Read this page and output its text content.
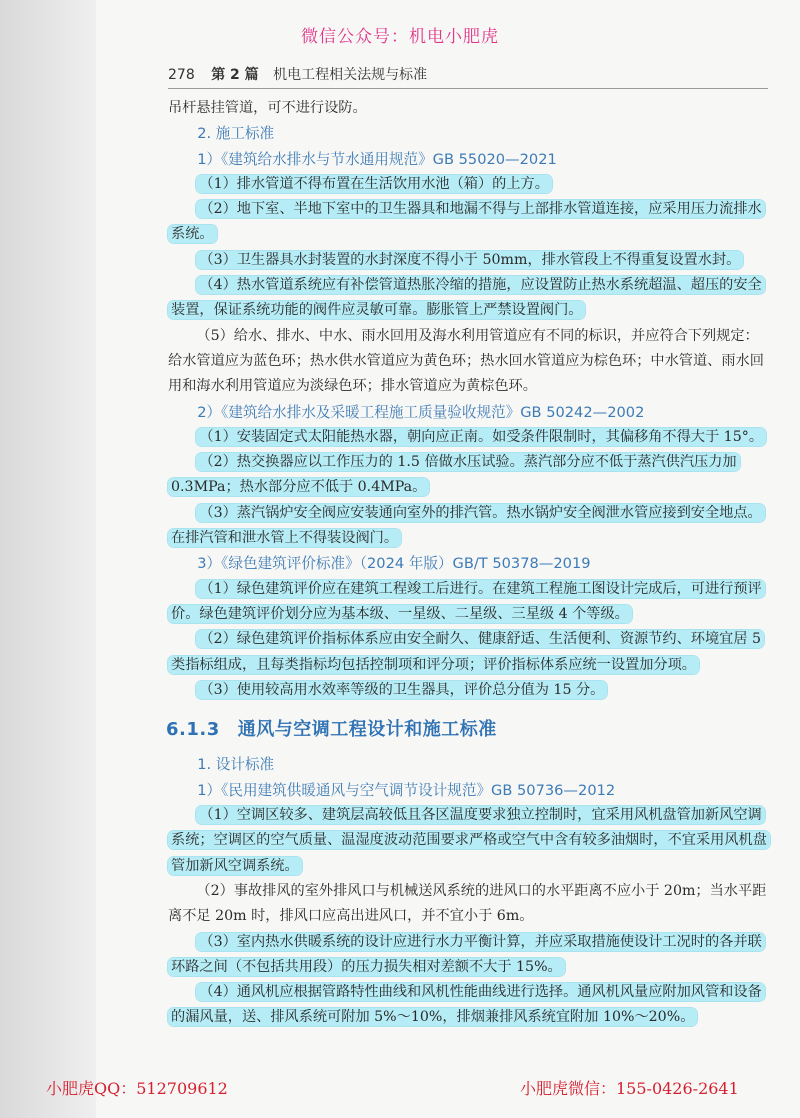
微信公众号：机电小肥虎
278 第 2 篇 机电工程相关法规与标准

吊杆悬挂管道，可不进行设防。

2. 施工标准

1）《建筑给水排水与节水通用规范》GB 55020—2021

（1）排水管道不得布置在生活饮用水池（箱）的上方。

（2）地下室、半地下室中的卫生器具和地漏不得与上部排水管道连接，应采用压力流排水系统。

（3）卫生器具水封装置的水封深度不得小于 50mm，排水管段上不得重复设置水封。

（4）热水管道系统应有补偿管道热胀冷缩的措施，应设置防止热水系统超温、超压的安全装置，保证系统功能的阀件应灵敏可靠。膨胀管上严禁设置阀门。

（5）给水、排水、中水、雨水回用及海水利用管道应有不同的标识，并应符合下列规定：给水管道应为蓝色环；热水供水管道应为黄色环；热水回水管道应为棕色环；中水管道、雨水回用和海水利用管道应为淡绿色环；排水管道应为黄棕色环。

2）《建筑给水排水及采暖工程施工质量验收规范》GB 50242—2002

（1）安装固定式太阳能热水器，朝向应正南。如受条件限制时，其偏移角不得大于 15°。

（2）热交换器应以工作压力的 1.5 倍做水压试验。蒸汽部分应不低于蒸汽供汽压力加 0.3MPa；热水部分应不低于 0.4MPa。

（3）蒸汽锅炉安全阀应安装通向室外的排汽管。热水锅炉安全阀泄水管应接到安全地点。在排汽管和泄水管上不得装设阀门。

3）《绿色建筑评价标准》（2024 年版）GB/T 50378—2019

（1）绿色建筑评价应在建筑工程竣工后进行。在建筑工程施工图设计完成后，可进行预评价。绿色建筑评价划分应为基本级、一星级、二星级、三星级 4 个等级。

（2）绿色建筑评价指标体系应由安全耐久、健康舒适、生活便利、资源节约、环境宜居 5 类指标组成，且每类指标均包括控制项和评分项；评价指标体系应统一设置加分项。

（3）使用较高用水效率等级的卫生器具，评价总分值为 15 分。

6.1.3 通风与空调工程设计和施工标准

1. 设计标准

1）《民用建筑供暖通风与空气调节设计规范》GB 50736—2012

（1）空调区较多、建筑层高较低且各区温度要求独立控制时，宜采用风机盘管加新风空调系统；空调区的空气质量、温湿度波动范围要求严格或空气中含有较多油烟时，不宜采用风机盘管加新风空调系统。

（2）事故排风的室外排风口与机械送风系统的进风口的水平距离不应小于 20m；当水平距离不足 20m 时，排风口应高出进风口，并不宜小于 6m。

（3）室内热水供暖系统的设计应进行水力平衡计算，并应采取措施使设计工况时的各并联环路之间（不包括共用段）的压力损失相对差额不大于 15%。

（4）通风机应根据管路特性曲线和风机性能曲线进行选择。通风机风量应附加风管和设备的漏风量，送、排风系统可附加 5%～10%，排烟兼排风系统宜附加 10%～20%。

小肥虎QQ：512709612	小肥虎微信：155-0426-2641
